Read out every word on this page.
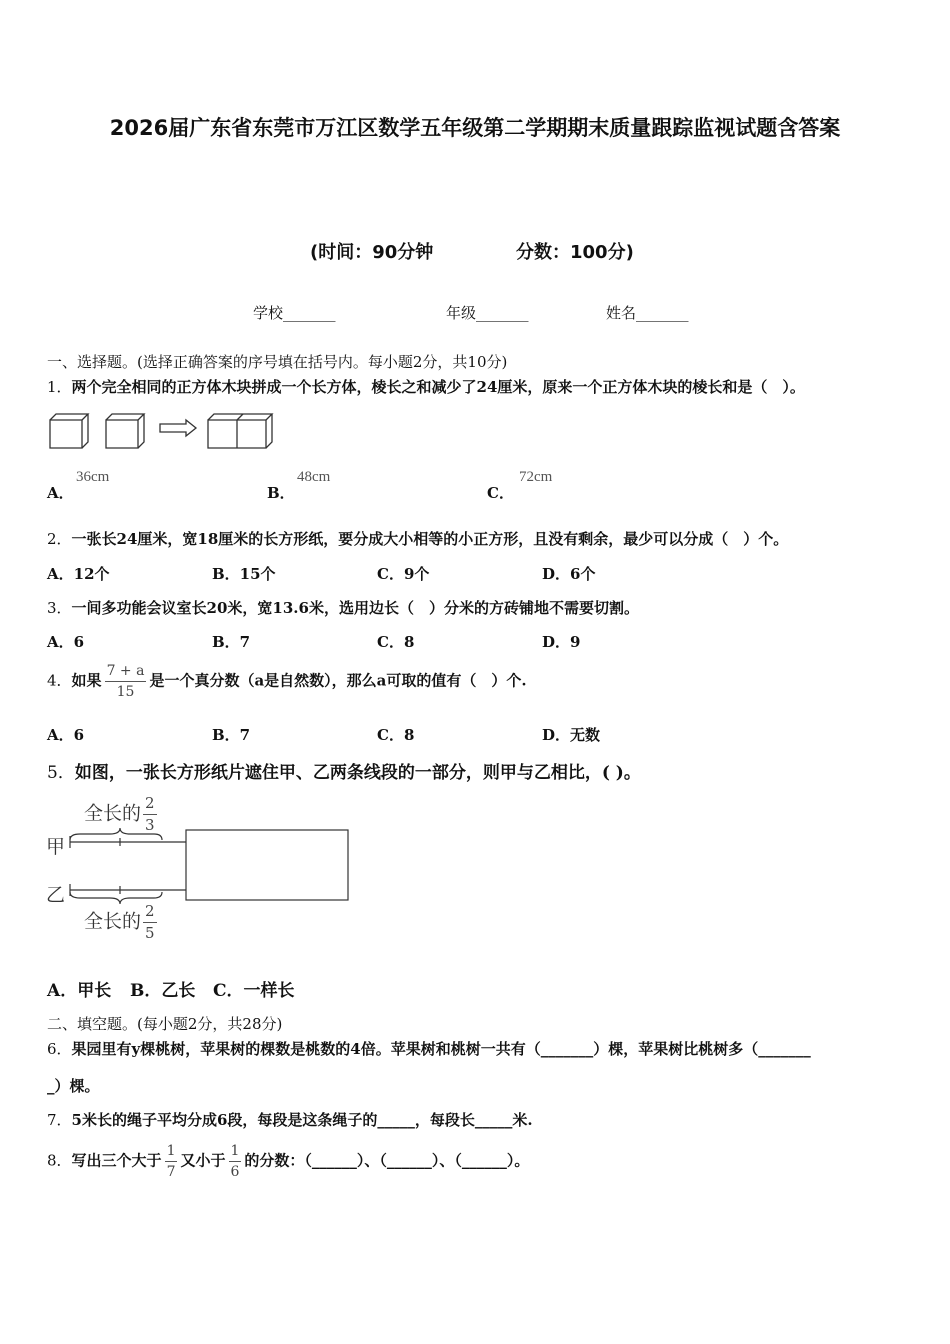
2026届广东省东莞市万江区数学五年级第二学期期末质量跟踪监视试题含答案
(时间：90分钟	分数：100分)
学校_______	年级_______	姓名_______
一、选择题。(选择正确答案的序号填在括号内。每小题2分，共10分)
1．两个完全相同的正方体木块拼成一个长方体，棱长之和减少了24厘米，原来一个正方体木块的棱长和是（　）。
A．
36cm
B．
48cm
C．
72cm
2．一张长24厘米，宽18厘米的长方形纸，要分成大小相等的小正方形，且没有剩余，最少可以分成（　）个。
A．12个	B．15个	C．9个	D．6个
3．一间多功能会议室长20米，宽13.6米，选用边长（　）分米的方砖铺地不需要切割。
A．6	B．7	C．8	D．9
4．如果 $\frac{7 + a}{15}$ 是一个真分数（a是自然数），那么a可取的值有（　）个.
A．6	B．7	C．8	D．无数
5．如图，一张长方形纸片遮住甲、乙两条线段的一部分，则甲与乙相比，( )。
甲
乙
全长的 $\frac{2}{3}$
全长的 $\frac{2}{5}$
A．甲长 B．乙长 C．一样长
二、填空题。(每小题2分，共28分)
6．果园里有y棵桃树，苹果树的棵数是桃数的4倍。苹果树和桃树一共有（_______）棵，苹果树比桃树多（_______
_）棵。
7．5米长的绳子平均分成6段，每段是这条绳子的_____，每段长_____米.
8．写出三个大于 $\frac{1}{7}$ 又小于 $\frac{1}{6}$ 的分数：（______）、（______）、（______）。
